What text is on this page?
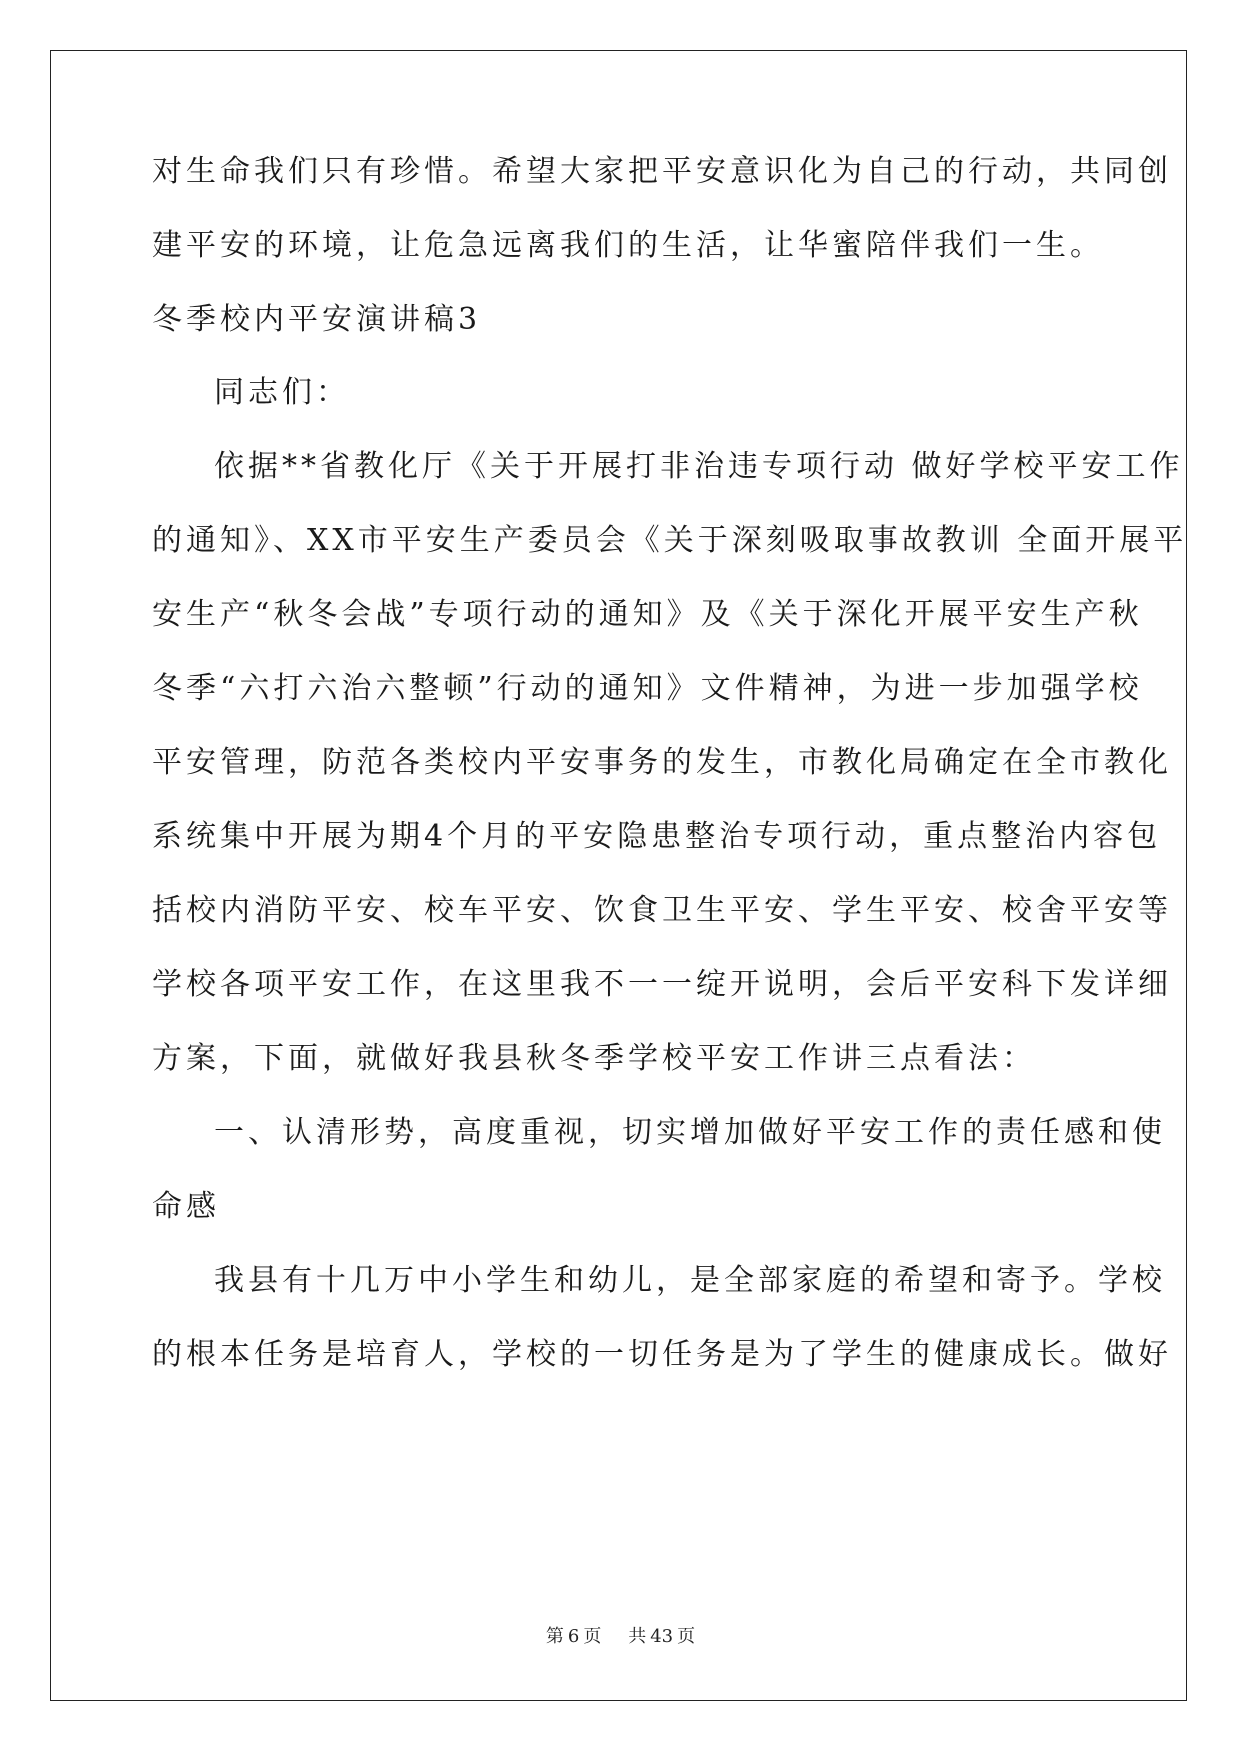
对生命我们只有珍惜。希望大家把平安意识化为自己的行动，共同创
建平安的环境，让危急远离我们的生活，让华蜜陪伴我们一生。
冬季校内平安演讲稿3
同志们：
依据**省教化厅《关于开展打非治违专项行动 做好学校平安工作
的通知》、XX市平安生产委员会《关于深刻吸取事故教训 全面开展平
安生产“秋冬会战”专项行动的通知》及《关于深化开展平安生产秋
冬季“六打六治六整顿”行动的通知》文件精神，为进一步加强学校
平安管理，防范各类校内平安事务的发生，市教化局确定在全市教化
系统集中开展为期4个月的平安隐患整治专项行动，重点整治内容包
括校内消防平安、校车平安、饮食卫生平安、学生平安、校舍平安等
学校各项平安工作，在这里我不一一绽开说明，会后平安科下发详细
方案，下面，就做好我县秋冬季学校平安工作讲三点看法：
一、认清形势，高度重视，切实增加做好平安工作的责任感和使
命感
我县有十几万中小学生和幼儿，是全部家庭的希望和寄予。学校
的根本任务是培育人，学校的一切任务是为了学生的健康成长。做好
第 6 页 共 43 页
